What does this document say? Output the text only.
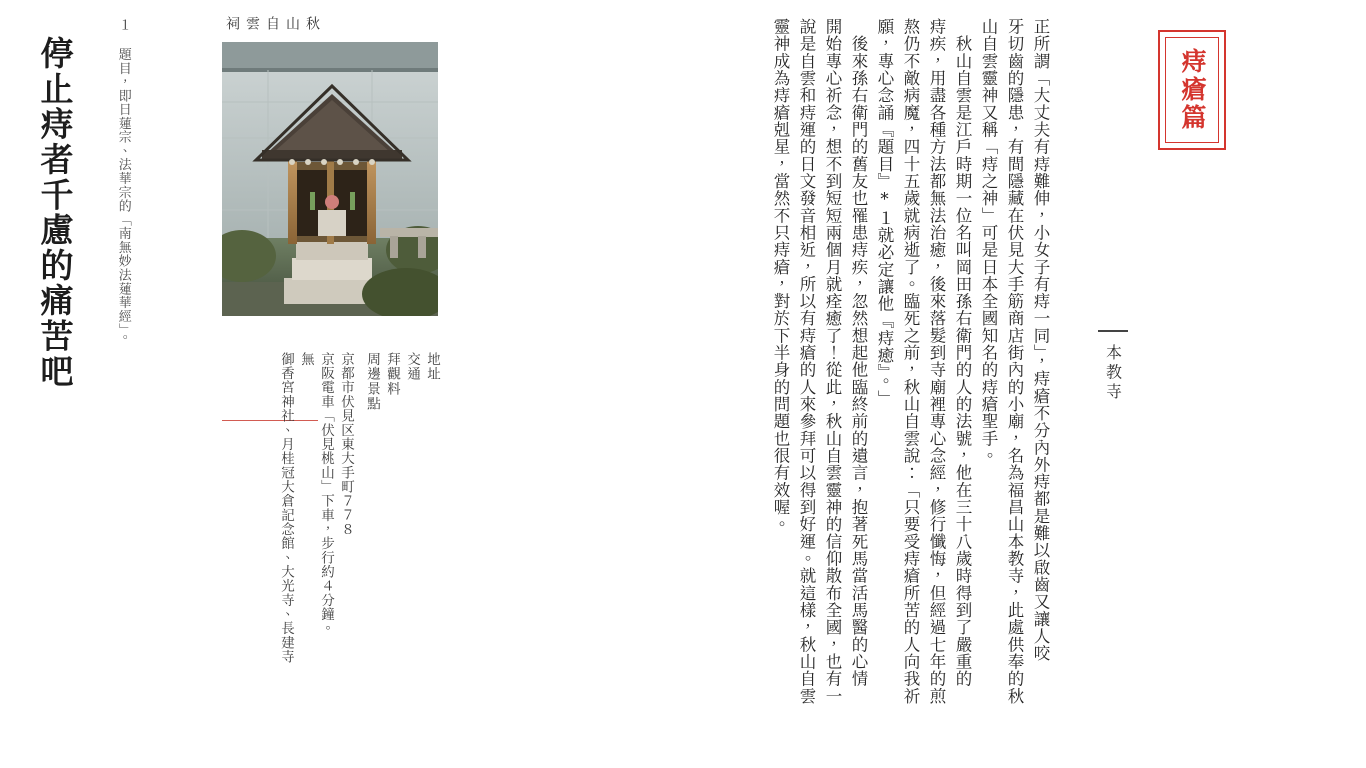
痔瘡篇
停止痔者千慮的痛苦吧	本教寺
正所謂「大丈夫有痔難伸，小女子有痔一同」，痔瘡不分內外痔都是難以啟齒又讓人咬
牙切齒的隱患，有間隱藏在伏見大手筋商店街內的小廟，名為福昌山本教寺，此處供奉的秋
山自雲靈神又稱「痔之神」可是日本全國知名的痔瘡聖手。
　秋山自雲是江戶時期一位名叫岡田孫右衛門的人的法號，他在三十八歲時得到了嚴重的
痔疾，用盡各種方法都無法治癒，後來落髮到寺廟裡專心念經，修行懺悔，但經過七年的煎
熬仍不敵病魔，四十五歲就病逝了。臨死之前，秋山自雲說：「只要受痔瘡所苦的人向我祈
願，專心念誦『題目』*１就必定讓他『痔癒』。」
　後來孫右衛門的舊友也罹患痔疾，忽然想起他臨終前的遺言，抱著死馬當活馬醫的心情
開始專心祈念，想不到短短兩個月就痊癒了！從此，秋山自雲靈神的信仰散布全國，也有一
說是自雲和痔運的日文發音相近，所以有痔瘡的人來參拜可以得到好運。就這樣，秋山自雲
靈神成為痔瘡剋星，當然不只痔瘡，對於下半身的問題也很有效喔。
秋山自雲祠
地址
交通
拜觀料
周邊景點
京都市伏見区東大手町７７８
京阪電車「伏見桃山」下車，步行約４分鐘。
無
御香宮神社、月桂冠大倉記念館、大光寺、長建寺
１ 題目，即日蓮宗、法華宗的「南無妙法蓮華經」。
